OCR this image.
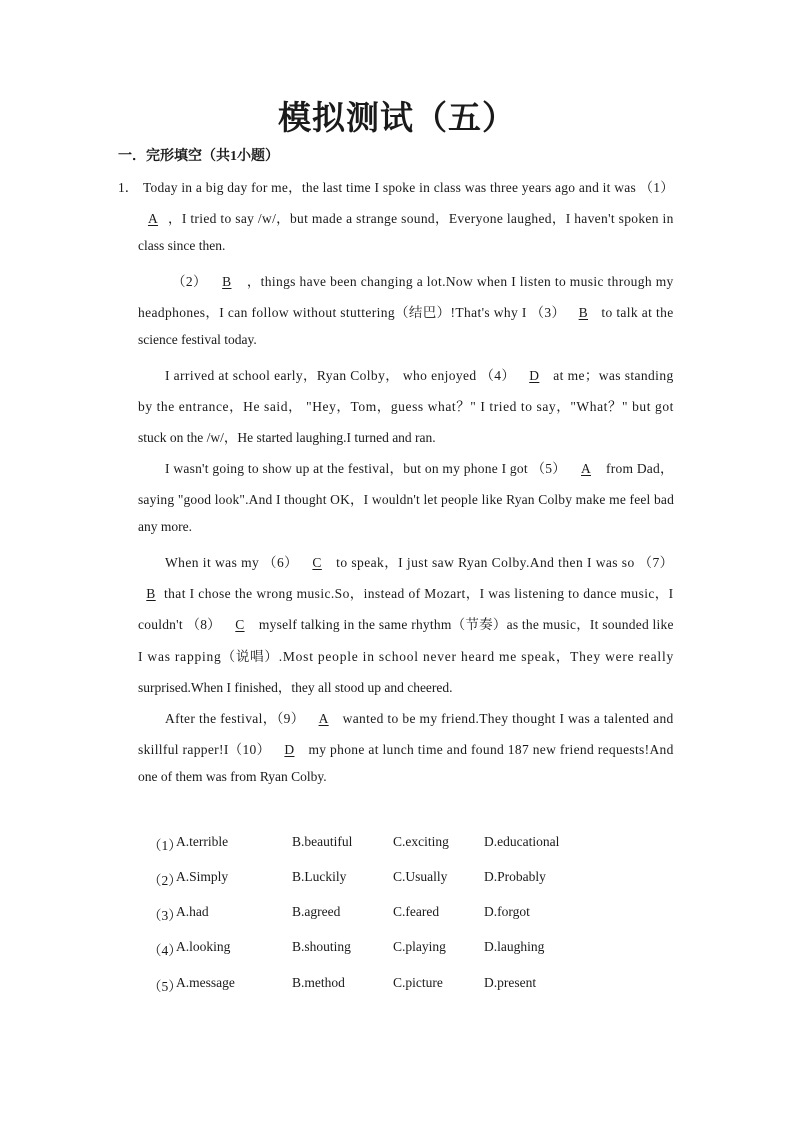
模拟测试（五）
一．完形填空（共1小题）
1． Today in a big day for me，the last time I spoke in class was three years ago and it was （1）
A ，I tried to say /w/，but made a strange sound，Everyone laughed，I haven't spoken in
class since then.
（2） B ，things have been changing a lot.Now when I listen to music through my
headphones，I can follow without stuttering（结巴）!That's why I （3） B to talk at the
science festival today.
I arrived at school early，Ryan Colby， who enjoyed （4） D at me；was standing
by the entrance，He said， "Hey，Tom，guess what？" I tried to say，"What？" but got
stuck on the /w/，He started laughing.I turned and ran.
I wasn't going to show up at the festival，but on my phone I got （5） A from Dad，
saying "good look".And I thought OK，I wouldn't let people like Ryan Colby make me feel bad
any more.
When it was my （6） C to speak，I just saw Ryan Colby.And then I was so （7）
B that I chose the wrong music.So，instead of Mozart，I was listening to dance music，I
couldn't （8） C myself talking in the same rhythm（节奏）as the music，It sounded like
I was rapping（说唱）.Most people in school never heard me speak，They were really
surprised.When I finished，they all stood up and cheered.
After the festival，（9） A wanted to be my friend.They thought I was a talented and
skillful rapper!I（10） D my phone at lunch time and found 187 new friend requests!And
one of them was from Ryan Colby.
（1）
A.terrible	B.beautiful	C.exciting	D.educational
（2）
A.Simply	B.Luckily	C.Usually	D.Probably
（3）
A.had	B.agreed	C.feared	D.forgot
（4）
A.looking	B.shouting	C.playing	D.laughing
（5）
A.message	B.method	C.picture	D.present
